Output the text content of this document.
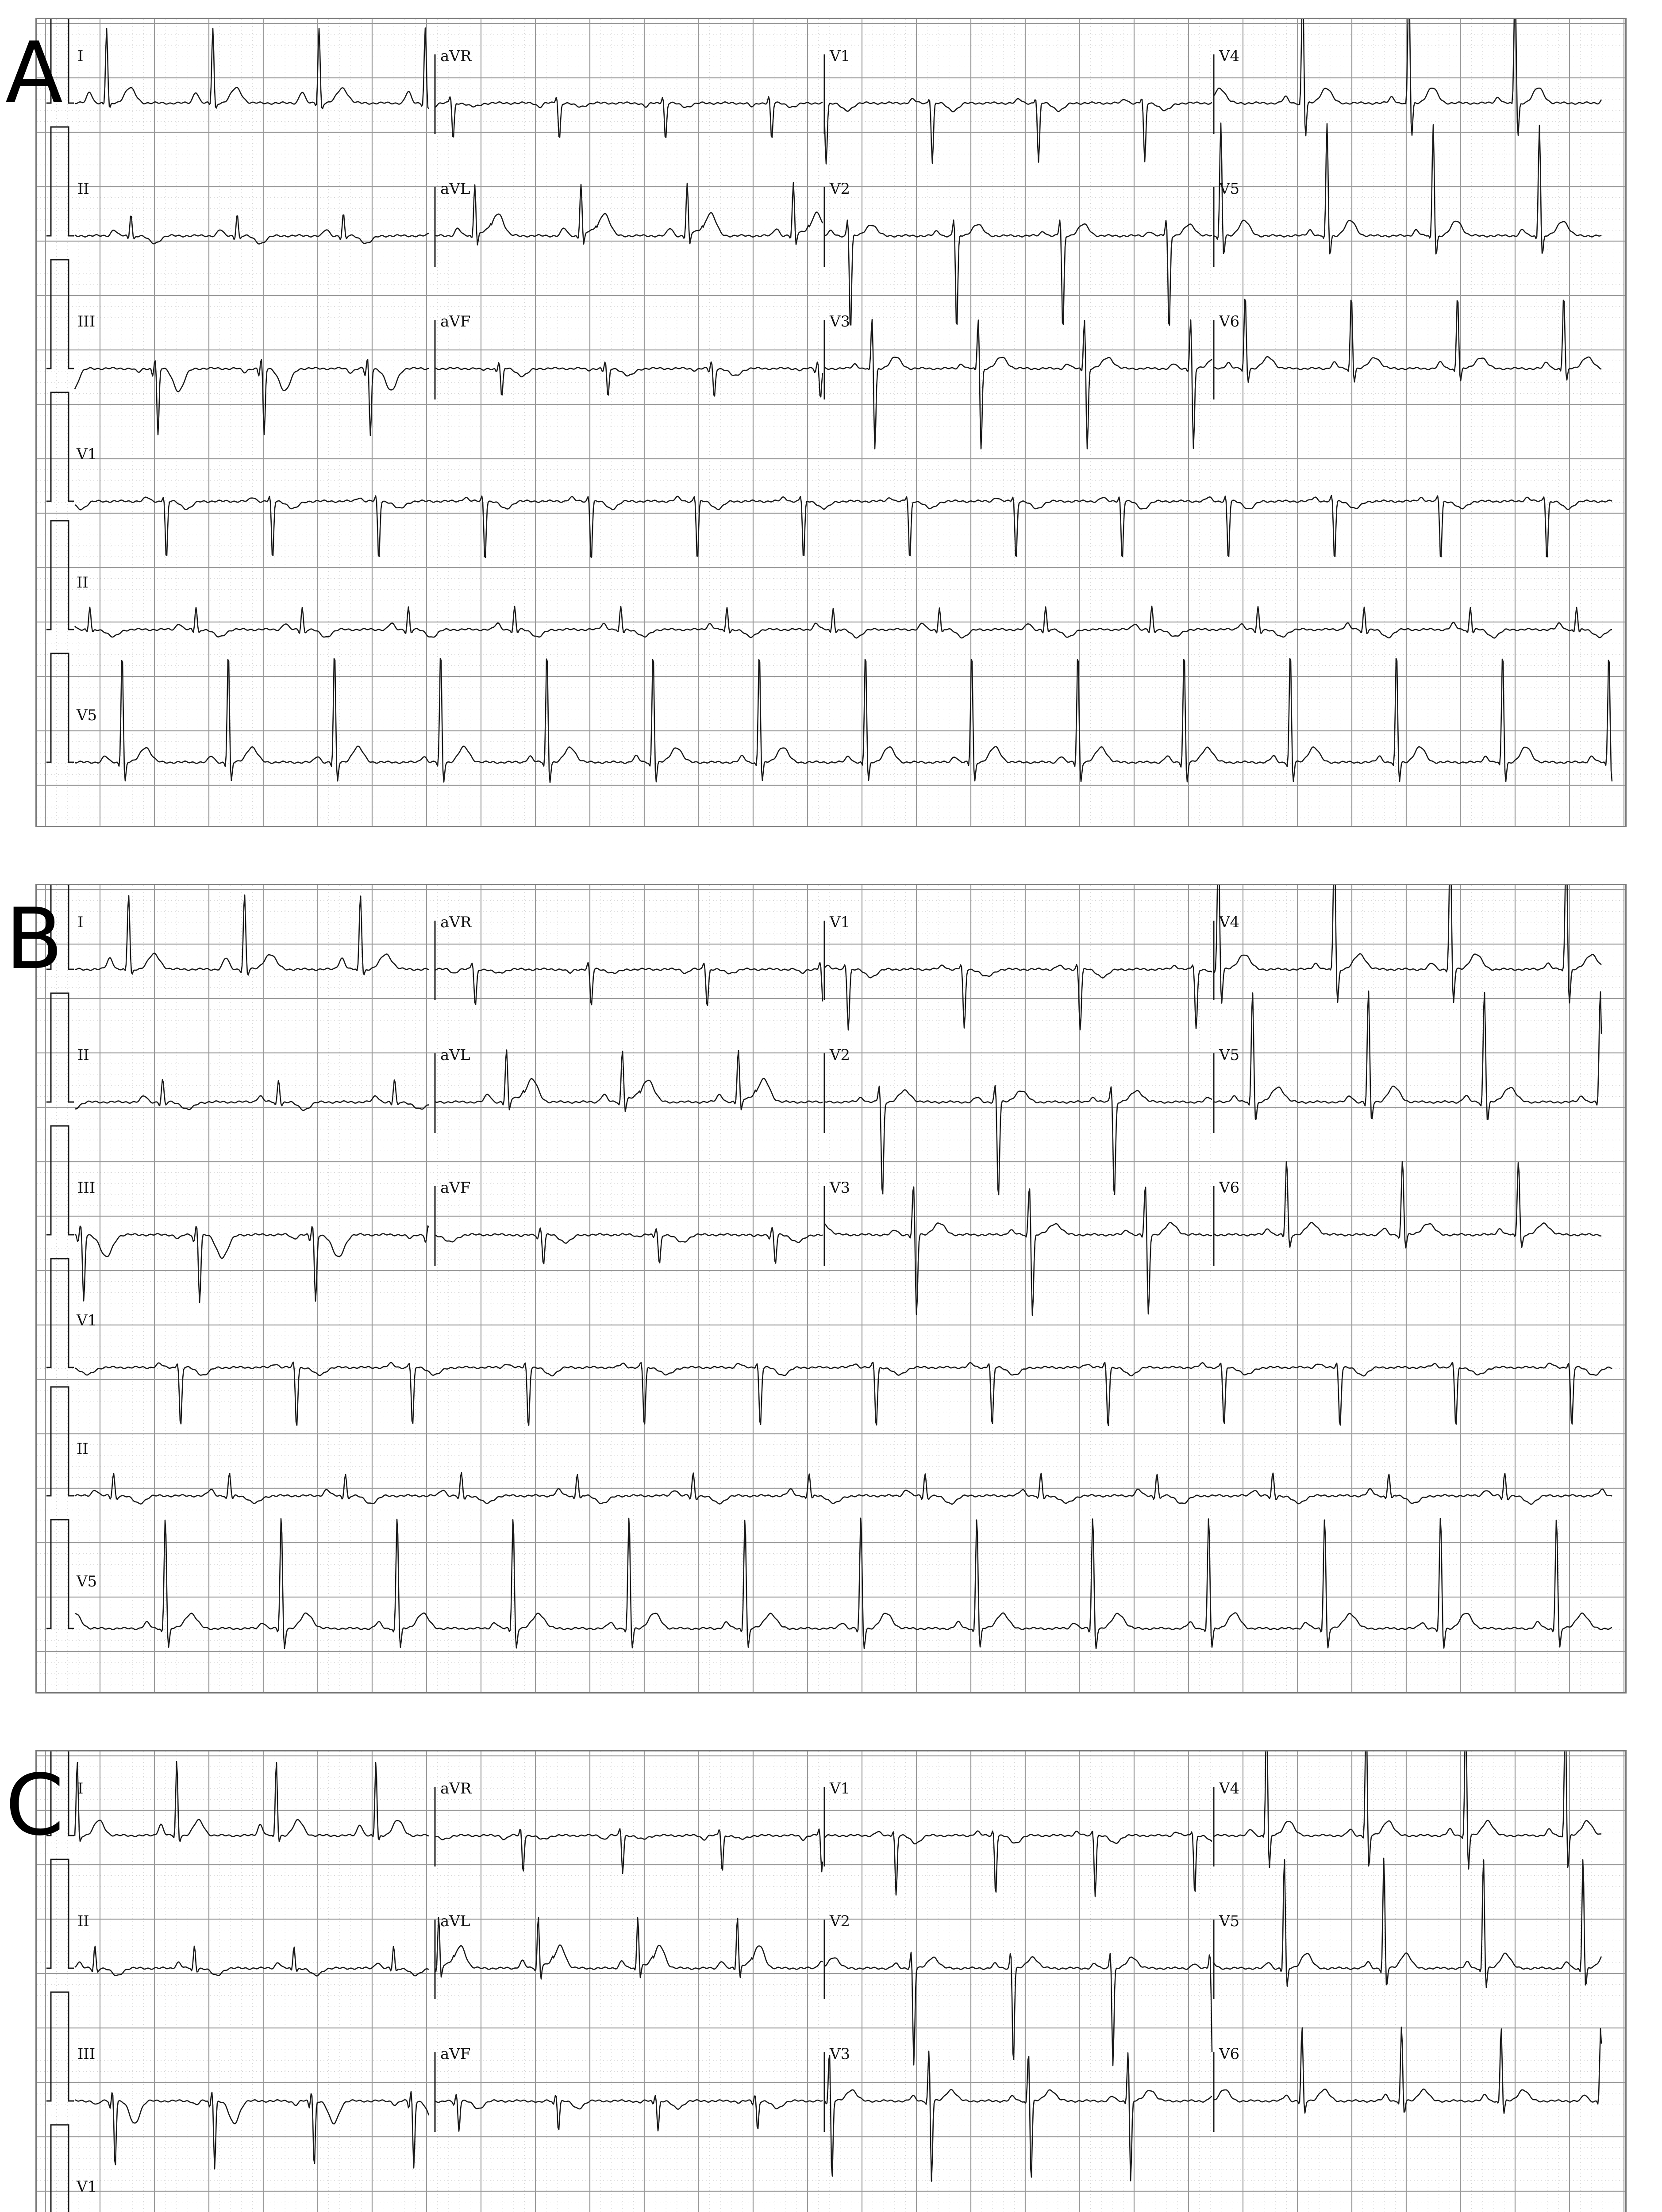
I	aVR	V1	V4
II	aVL	V2	V5
III	aVF	V3	V6
V1
II
V5
A
I	aVR	V1	V4
II	aVL	V2	V5
III	aVF	V3	V6
V1
II
V5
B
I	aVR	V1	V4
II	aVL	V2	V5
III	aVF	V3	V6
V1
C
